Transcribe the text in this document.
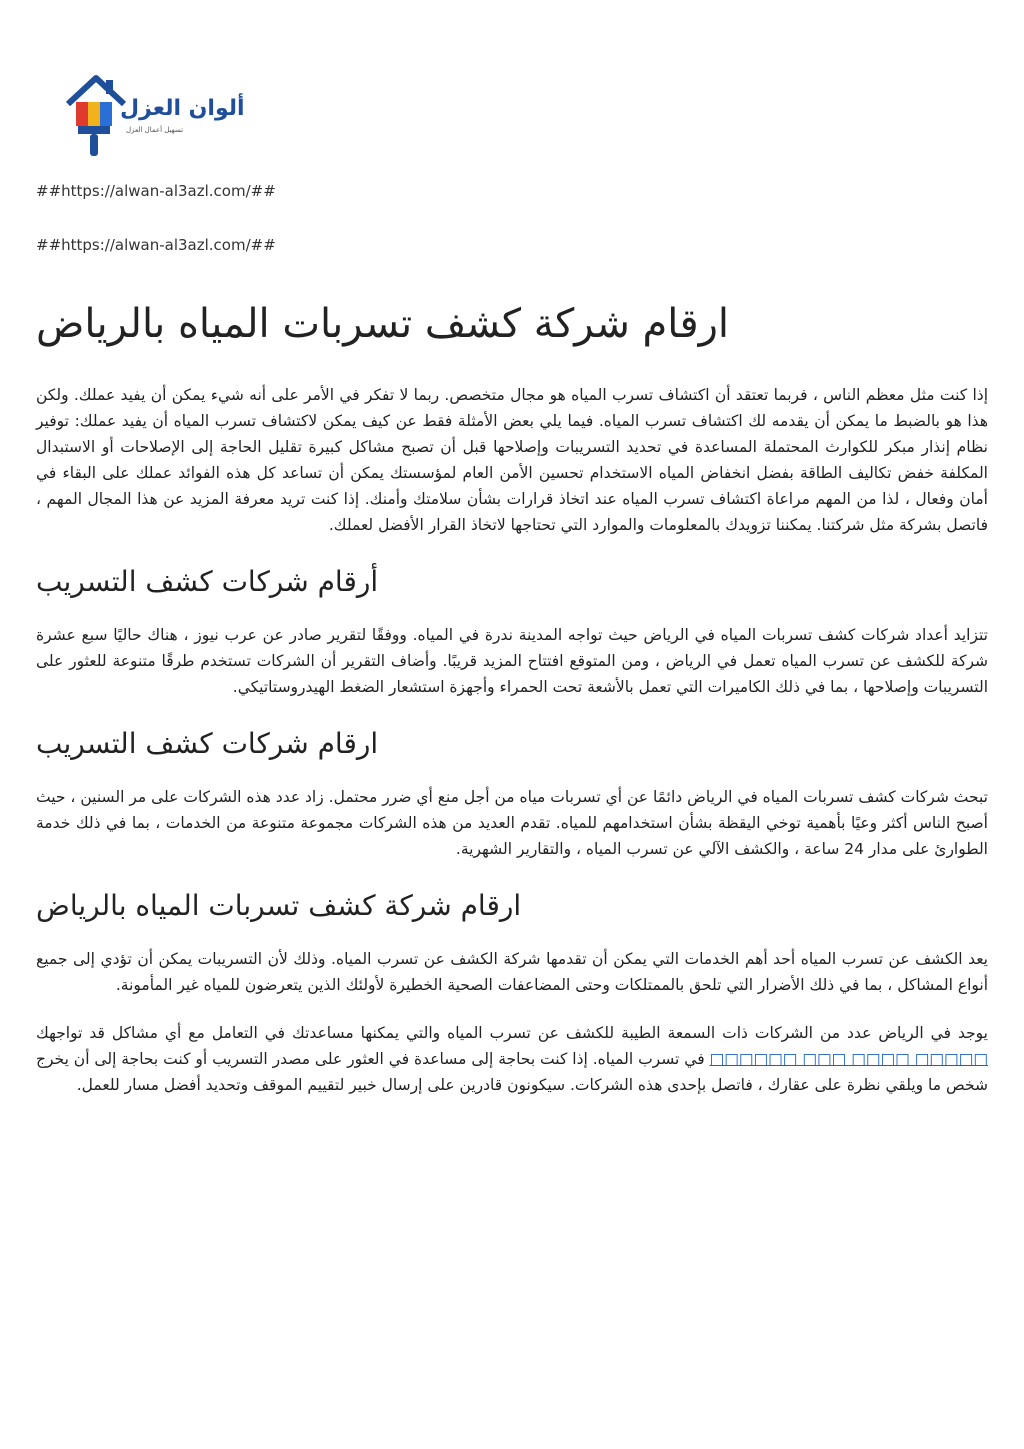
ألوان العزل
تسهيل أعمال العزل
##https://alwan-al3azl.com/##
##https://alwan-al3azl.com/##
ارقام شركة كشف تسربات المياه بالرياض

إذا كنت مثل معظم الناس ، فربما تعتقد أن اكتشاف تسرب المياه هو مجال متخصص. ربما لا تفكر في الأمر على أنه شيء يمكن أن يفيد عملك. ولكن هذا هو بالضبط ما يمكن أن يقدمه لك اكتشاف تسرب المياه. فيما يلي بعض الأمثلة فقط عن كيف يمكن لاكتشاف تسرب المياه أن يفيد عملك: توفير نظام إنذار مبكر للكوارث المحتملة المساعدة في تحديد التسريبات وإصلاحها قبل أن تصبح مشاكل كبيرة تقليل الحاجة إلى الإصلاحات أو الاستبدال المكلفة خفض تكاليف الطاقة بفضل انخفاض المياه الاستخدام تحسين الأمن العام لمؤسستك يمكن أن تساعد كل هذه الفوائد عملك على البقاء في أمان وفعال ، لذا من المهم مراعاة اكتشاف تسرب المياه عند اتخاذ قرارات بشأن سلامتك وأمنك. إذا كنت تريد معرفة المزيد عن هذا المجال المهم ، فاتصل بشركة مثل شركتنا. يمكننا تزويدك بالمعلومات والموارد التي تحتاجها لاتخاذ القرار الأفضل لعملك.

أرقام شركات كشف التسريب

تتزايد أعداد شركات كشف تسربات المياه في الرياض حيث تواجه المدينة ندرة في المياه. ووفقًا لتقرير صادر عن عرب نيوز ، هناك حاليًا سبع عشرة شركة للكشف عن تسرب المياه تعمل في الرياض ، ومن المتوقع افتتاح المزيد قريبًا. وأضاف التقرير أن الشركات تستخدم طرقًا متنوعة للعثور على التسريبات وإصلاحها ، بما في ذلك الكاميرات التي تعمل بالأشعة تحت الحمراء وأجهزة استشعار الضغط الهيدروستاتيكي.

ارقام شركات كشف التسريب

تبحث شركات كشف تسربات المياه في الرياض دائمًا عن أي تسربات مياه من أجل منع أي ضرر محتمل. زاد عدد هذه الشركات على مر السنين ، حيث أصبح الناس أكثر وعيًا بأهمية توخي اليقظة بشأن استخدامهم للمياه. تقدم العديد من هذه الشركات مجموعة متنوعة من الخدمات ، بما في ذلك خدمة الطوارئ على مدار 24 ساعة ، والكشف الآلي عن تسرب المياه ، والتقارير الشهرية.

ارقام شركة كشف تسربات المياه بالرياض

يعد الكشف عن تسرب المياه أحد أهم الخدمات التي يمكن أن تقدمها شركة الكشف عن تسرب المياه. وذلك لأن التسريبات يمكن أن تؤدي إلى جميع أنواع المشاكل ، بما في ذلك الأضرار التي تلحق بالممتلكات وحتى المضاعفات الصحية الخطيرة لأولئك الذين يتعرضون للمياه غير المأمونة.

يوجد في الرياض عدد من الشركات ذات السمعة الطيبة للكشف عن تسرب المياه والتي يمكنها مساعدتك في التعامل مع أي مشاكل قد تواجهك □□□□□ □□□□ □□□ □□□□□□ في تسرب المياه. إذا كنت بحاجة إلى مساعدة في العثور على مصدر التسريب أو كنت بحاجة إلى أن يخرج شخص ما ويلقي نظرة على عقارك ، فاتصل بإحدى هذه الشركات. سيكونون قادرين على إرسال خبير لتقييم الموقف وتحديد أفضل مسار للعمل.
